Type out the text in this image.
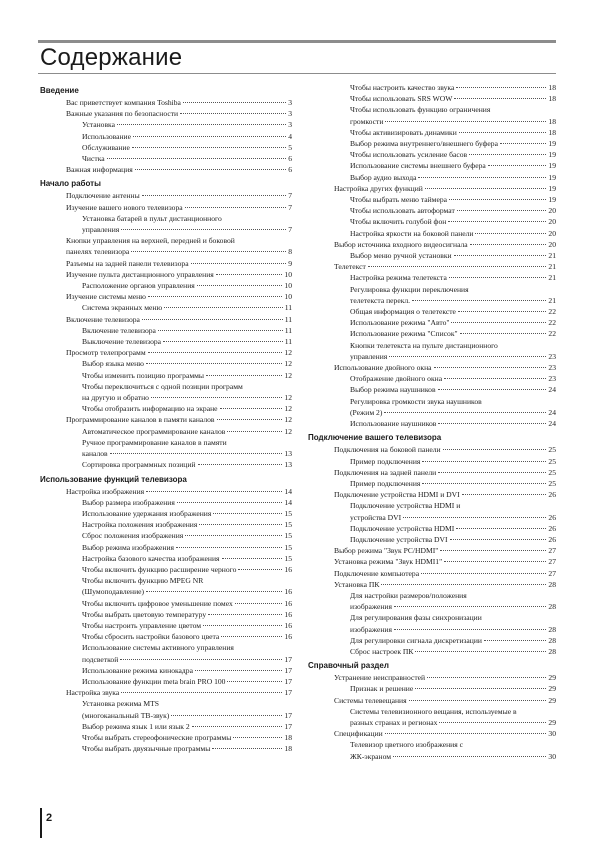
Содержание
Введение
Вас приветствует компания Toshiba	3
Важные указания по безопасности	3
Установка	3
Использование	4
Обслуживание	5
Чистка	6
Важная информация	6
Начало работы
Подключение антенны	7
Изучение вашего нового телевизора	7
Установка батарей в пульт дистанционного
управления	7
Кнопки управления на верхней, передней и боковой
панелях телевизора	8
Разъемы на задней панели телевизора	9
Изучение пульта дистанционного управления	10
Расположение органов управления	10
Изучение системы меню	10
Система экранных меню	11
Включение телевизора	11
Включение телевизора	11
Выключение телевизора	11
Просмотр телепрограмм	12
Выбор языка меню	12
Чтобы изменить позицию программы	12
Чтобы переключиться с одной позиции программ
на другую и обратно	12
Чтобы отобразить информацию на экране	12
Программирование каналов в памяти каналов	12
Автоматическое программирование каналов	12
Ручное программирование каналов в памяти
каналов	13
Сортировка программных позиций	13
Использование функций телевизора
Настройка изображения	14
Выбор размера изображения	14
Использование удержания изображения	15
Настройка положения изображения	15
Сброс положения изображения	15
Выбор режима изображения	15
Настройка базового качества изображения	15
Чтобы включить функцию расширение черного	16
Чтобы включить функцию MPEG NR
(Шумоподавление)	16
Чтобы включить цифровое уменьшение помех	16
Чтобы выбрать цветовую температуру	16
Чтобы настроить управление цветом	16
Чтобы сбросить настройки базового цвета	16
Использование системы активного управления
подсветкой	17
Использование режима кинокадра	17
Использование функции meta brain PRO 100	17
Настройка звука	17
Установка режима MTS
(многоканальный ТВ-звук)	17
Выбор режима язык 1 или язык 2	17
Чтобы выбрать стереофонические программы	18
Чтобы выбрать двуязычные программы	18
Чтобы настроить качество звука	18
Чтобы использовать SRS WOW	18
Чтобы использовать функцию ограничения
громкости	18
Чтобы активизировать динамики	18
Выбор режима внутреннего/внешнего буфера	19
Чтобы использовать усиление басов	19
Использование системы внешнего буфера	19
Выбор аудио выхода	19
Настройка других функций	19
Чтобы выбрать меню таймера	19
Чтобы использовать автоформат	20
Чтобы включить голубой фон	20
Настройка яркости на боковой панели	20
Выбор источника входного видеосигнала	20
Выбор меню ручной установки	21
Телетекст	21
Настройка режима телетекста	21
Регулировка функции переключения
телетекста перекл.	21
Общая информация о телетексте	22
Использование режима "Авто"	22
Использование режима "Список"	22
Кнопки телетекста на пульте дистанционного
управления	23
Использование двойного окна	23
Отображение двойного окна	23
Выбор режима наушников	24
Регулировка громкости звука наушников
(Режим 2)	24
Использование наушников	24
Подключение вашего телевизора
Подключения на боковой панели	25
Пример подключения	25
Подключения на задней панели	25
Пример подключения	25
Подключение устройства HDMI и DVI	26
Подключение устройства HDMI и
устройства DVI	26
Подключение устройства HDMI	26
Подключение устройства DVI	26
Выбор режима "Звук PC/HDMI"	27
Установка режима "Звук HDMI1"	27
Подключение компьютера	27
Установка ПК	28
Для настройки размеров/положения
изображения	28
Для регулирования фазы синхронизации
изображения	28
Для регулировки сигнала дискретизации	28
Сброс настроек ПК	28
Справочный раздел
Устранение неисправностей	29
Признак и решение	29
Системы телевещания	29
Системы телевизионного вещания, используемые в
разных странах и регионах	29
Спецификации	30
Телевизор цветного изображения с
ЖК-экраном	30
2
